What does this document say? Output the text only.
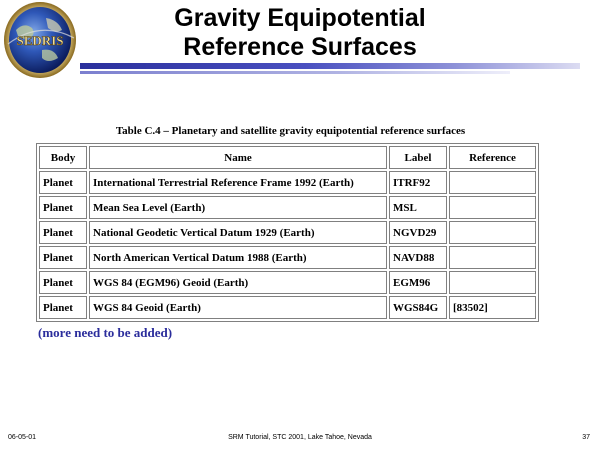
SEDRIS
Gravity Equipotential
Reference Surfaces
Table C.4 – Planetary and satellite gravity equipotential reference surfaces
Body	Name	Label	Reference
Planet	International Terrestrial Reference Frame 1992 (Earth)	ITRF92	
Planet	Mean Sea Level (Earth)	MSL	
Planet	National Geodetic Vertical Datum 1929 (Earth)	NGVD29	
Planet	North American Vertical Datum 1988 (Earth)	NAVD88	
Planet	WGS 84 (EGM96) Geoid (Earth)	EGM96	
Planet	WGS 84 Geoid (Earth)	WGS84G	[83502]
(more need to be added)
06-05-01	SRM Tutorial, STC 2001, Lake Tahoe, Nevada	37
